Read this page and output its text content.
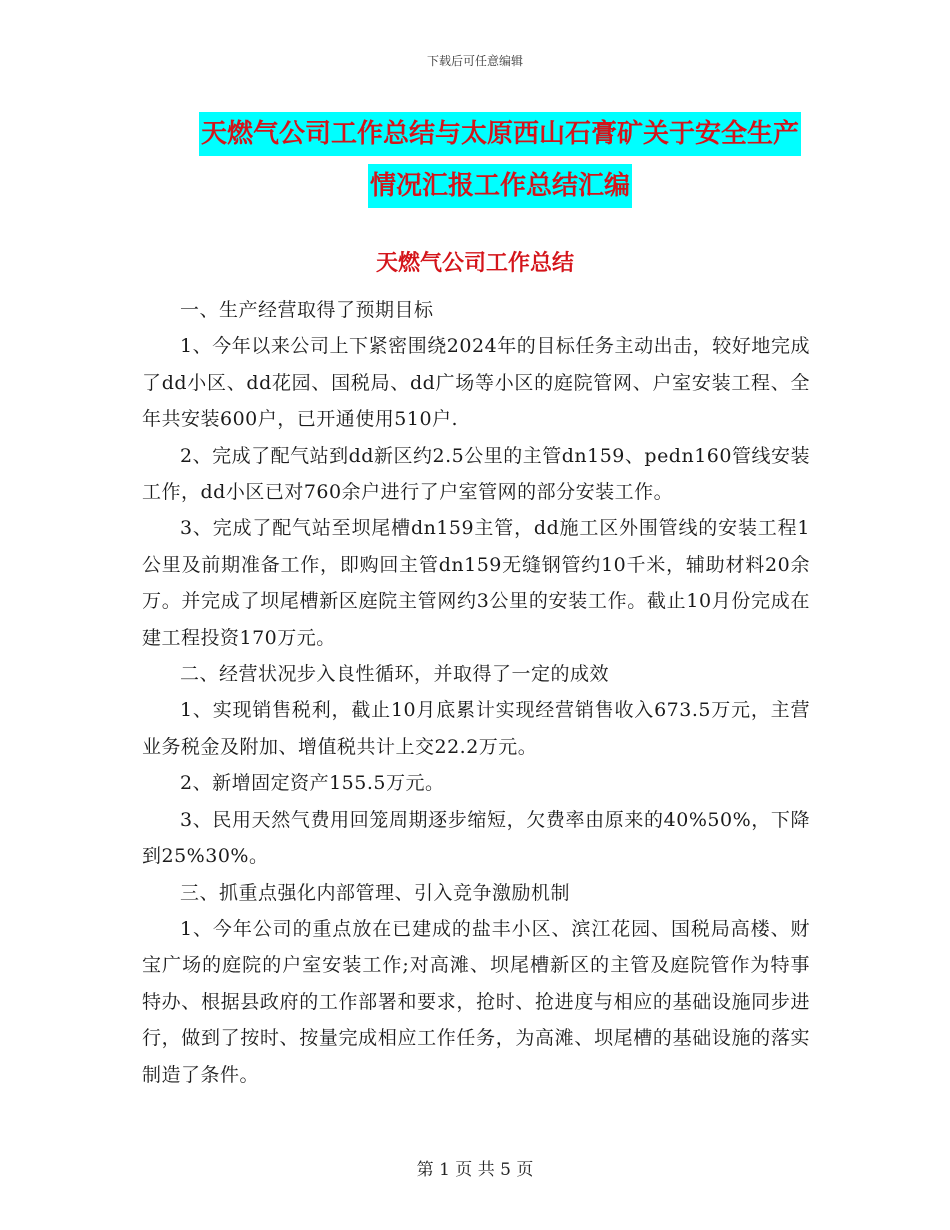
下载后可任意编辑
天燃气公司工作总结与太原西山石膏矿关于安全生产
情况汇报工作总结汇编
天燃气公司工作总结

一、生产经营取得了预期目标

1、今年以来公司上下紧密围绕2024年的目标任务主动出击，较好地完成了dd小区、dd花园、国税局、dd广场等小区的庭院管网、户室安装工程、全年共安装600户，已开通使用510户.

2、完成了配气站到dd新区约2.5公里的主管dn159、pedn160管线安装工作，dd小区已对760余户进行了户室管网的部分安装工作。

3、完成了配气站至坝尾槽dn159主管，dd施工区外围管线的安装工程1公里及前期准备工作，即购回主管dn159无缝钢管约10千米，辅助材料20余万。并完成了坝尾槽新区庭院主管网约3公里的安装工作。截止10月份完成在建工程投资170万元。

二、经营状况步入良性循环，并取得了一定的成效

1、实现销售税利，截止10月底累计实现经营销售收入673.5万元，主营业务税金及附加、增值税共计上交22.2万元。

2、新增固定资产155.5万元。

3、民用天然气费用回笼周期逐步缩短，欠费率由原来的40%50%，下降到25%30%。

三、抓重点强化内部管理、引入竞争激励机制

1、今年公司的重点放在已建成的盐丰小区、滨江花园、国税局高楼、财宝广场的庭院的户室安装工作;对高滩、坝尾槽新区的主管及庭院管作为特事特办、根据县政府的工作部署和要求，抢时、抢进度与相应的基础设施同步进行，做到了按时、按量完成相应工作任务，为高滩、坝尾槽的基础设施的落实制造了条件。

第 1 页 共 5 页
